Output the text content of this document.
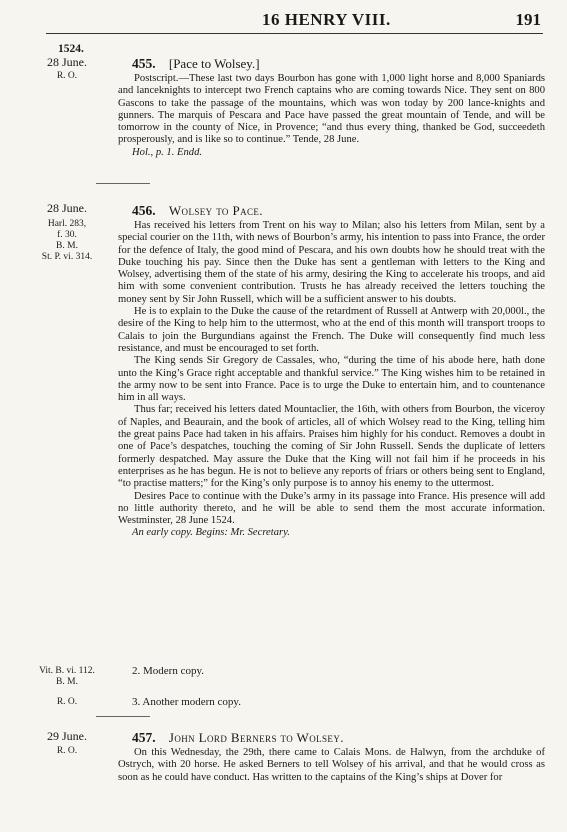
16 HENRY VIII.	191
1524.
28 June.
R. O.
455. [Pace to Wolsey.]

Postscript.—These last two days Bourbon has gone with 1,000 light horse and 8,000 Spaniards and lanceknights to intercept two French captains who are coming towards Nice. They sent on 800 Gascons to take the passage of the mountains, which was won today by 200 lance-knights and gunners. The marquis of Pescara and Pace have passed the great mountain of Tende, and will be tomorrow in the county of Nice, in Provence; “and thus every thing, thanked be God, succeedeth prosperously, and is like so to continue.” Tende, 28 June.

Hol., p. 1. Endd.

28 June.
Harl. 283,
f. 30.
B. M.
St. P. vi. 314.
456. Wolsey to Pace.

Has received his letters from Trent on his way to Milan; also his letters from Milan, sent by a special courier on the 11th, with news of Bourbon’s army, his intention to pass into France, the order for the defence of Italy, the good mind of Pescara, and his own doubts how he should treat with the Duke touching his pay. Since then the Duke has sent a gentleman with letters to the King and Wolsey, advertising them of the state of his army, desiring the King to accelerate his troops, and aid him with some convenient contribution. Trusts he has already received the letters touching the money sent by Sir John Russell, which will be a sufficient answer to his doubts.

He is to explain to the Duke the cause of the retardment of Russell at Antwerp with 20,000l., the desire of the King to help him to the uttermost, who at the end of this month will transport troops to Calais to join the Burgundians against the French. The Duke will consequently find much less resistance, and must be encouraged to set forth.

The King sends Sir Gregory de Cassales, who, “during the time of his abode here, hath done unto the King’s Grace right acceptable and thankful service.” The King wishes him to be retained in the army now to be sent into France. Pace is to urge the Duke to entertain him, and to countenance him in all ways.

Thus far; received his letters dated Mountaclier, the 16th, with others from Bourbon, the viceroy of Naples, and Beaurain, and the book of articles, all of which Wolsey read to the King, telling him the great pains Pace had taken in his affairs. Praises him highly for his conduct. Removes a doubt in one of Pace’s despatches, touching the coming of Sir John Russell. Sends the duplicate of letters formerly despatched. May assure the Duke that the King will not fail him if he proceeds in his enterprises as he has begun. He is not to believe any reports of friars or others being sent to England, “to practise matters;” for the King’s only purpose is to annoy his enemy to the uttermost.

Desires Pace to continue with the Duke’s army in its passage into France. His presence will add no little authority thereto, and he will be able to send them the most accurate information. Westminster, 28 June 1524.

An early copy. Begins: Mr. Secretary.

Vit. B. vi. 112.
B. M.
2. Modern copy.
R. O.	3. Another modern copy.
29 June.
R. O.
457. John Lord Berners to Wolsey.

On this Wednesday, the 29th, there came to Calais Mons. de Halwyn, from the archduke of Ostrych, with 20 horse. He asked Berners to tell Wolsey of his arrival, and that he would cross as soon as he could have conduct. Has written to the captains of the King’s ships at Dover for
